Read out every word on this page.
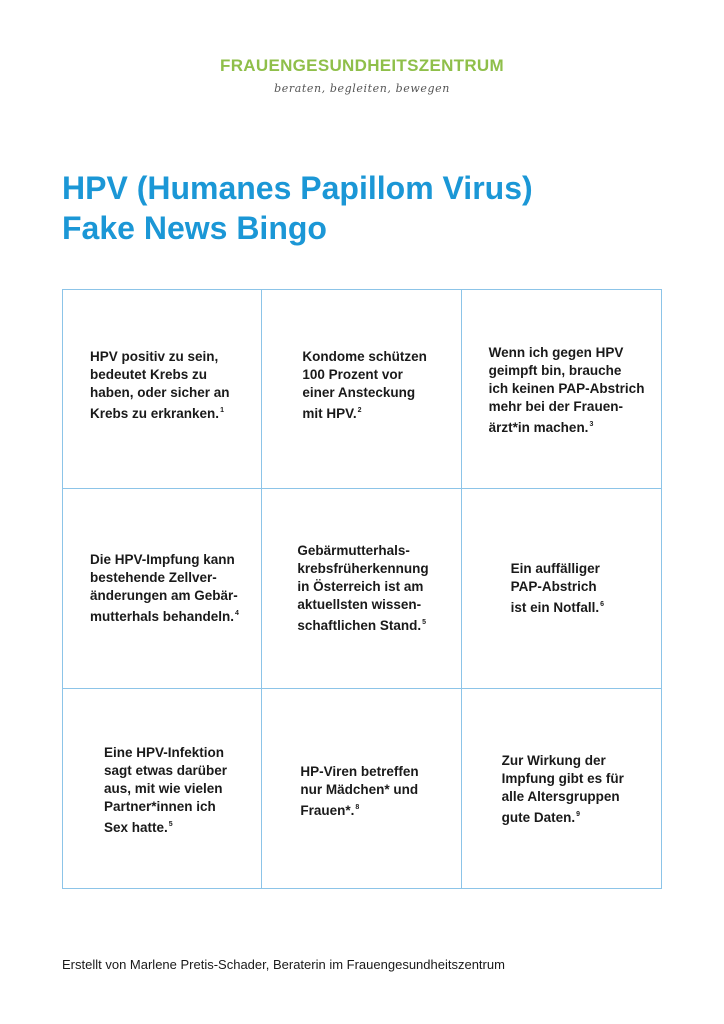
FRAUENGESUNDHEITSZENTRUM
beraten, begleiten, bewegen
HPV (Humanes Papillom Virus)
Fake News Bingo

HPV positiv zu sein,
bedeutet Krebs zu
haben, oder sicher an
Krebs zu erkranken.$^1$

Kondome schützen
100 Prozent vor
einer Ansteckung
mit HPV.$^2$

Wenn ich gegen HPV
geimpft bin, brauche
ich keinen PAP-Abstrich
mehr bei der Frauen-
ärzt*in machen.$^3$

Die HPV-Impfung kann
bestehende Zellver-
änderungen am Gebär-
mutterhals behandeln.$^4$

Gebärmutterhals-
krebsfrüherkennung
in Österreich ist am
aktuellsten wissen-
schaftlichen Stand.$^5$

Ein auffälliger
PAP-Abstrich
ist ein Notfall.$^6$

Eine HPV-Infektion
sagt etwas darüber
aus, mit wie vielen
Partner*innen ich
Sex hatte.$^5$

HP-Viren betreffen
nur Mädchen* und
Frauen*.$^8$

Zur Wirkung der
Impfung gibt es für
alle Altersgruppen
gute Daten.$^9$

Erstellt von Marlene Pretis-Schader, Beraterin im Frauengesundheitszentrum
